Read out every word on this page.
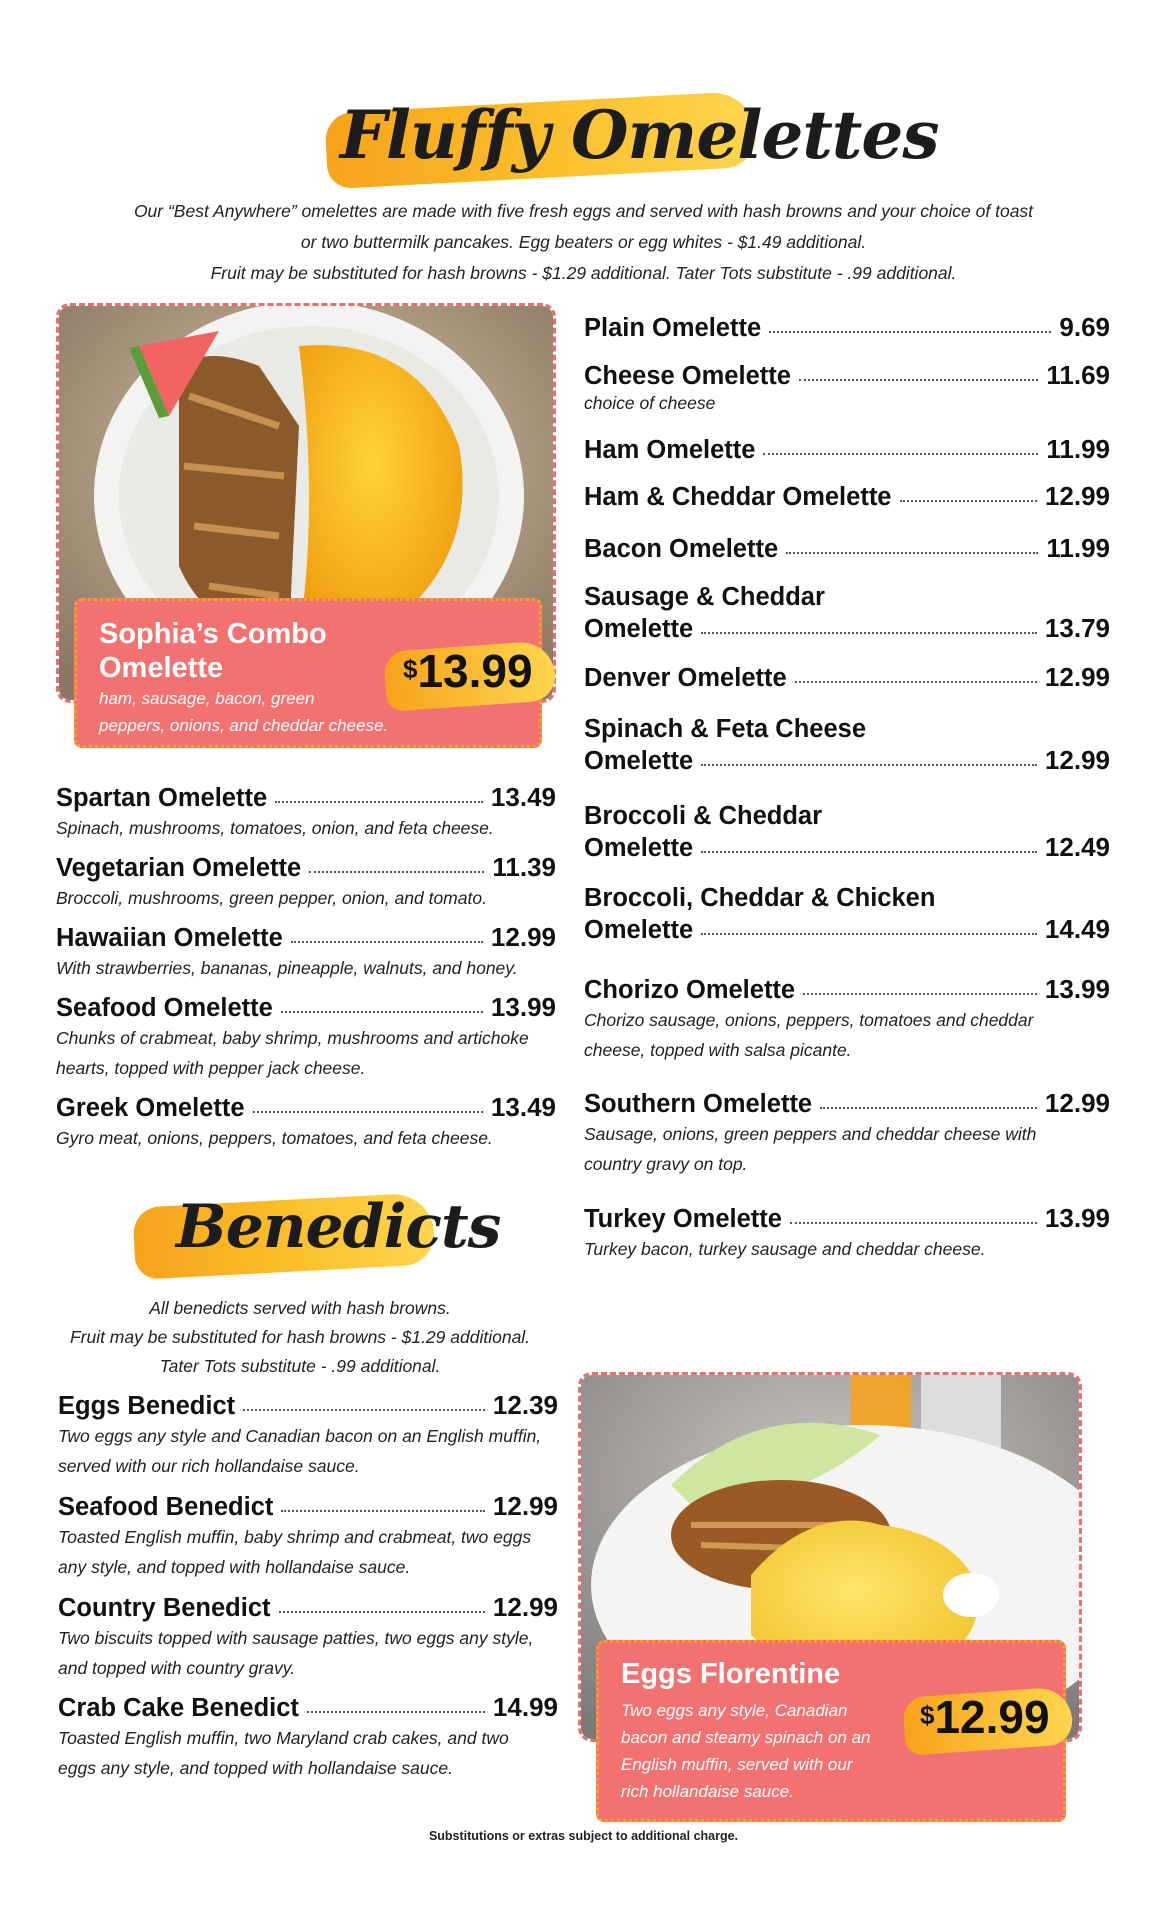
Fluffy Omelettes
Our “Best Anywhere” omelettes are made with five fresh eggs and served with hash browns and your choice of toast
or two buttermilk pancakes. Egg beaters or egg whites - $1.49 additional.
Fruit may be substituted for hash browns - $1.29 additional. Tater Tots substitute - .99 additional.
Sophia’s Combo
Omelette
ham, sausage, bacon, green
peppers, onions, and cheddar cheese.
$13.99
Spartan Omelette	13.49
Spinach, mushrooms, tomatoes, onion, and feta cheese.
Vegetarian Omelette	11.39
Broccoli, mushrooms, green pepper, onion, and tomato.
Hawaiian Omelette	12.99
With strawberries, bananas, pineapple, walnuts, and honey.
Seafood Omelette	13.99
Chunks of crabmeat, baby shrimp, mushrooms and artichoke
hearts, topped with pepper jack cheese.
Greek Omelette	13.49
Gyro meat, onions, peppers, tomatoes, and feta cheese.
Plain Omelette	9.69
Cheese Omelette	11.69
choice of cheese
Ham Omelette	11.99
Ham & Cheddar Omelette	12.99
Bacon Omelette	11.99
Sausage & Cheddar
Omelette	13.79
Denver Omelette	12.99
Spinach & Feta Cheese
Omelette	12.99
Broccoli & Cheddar
Omelette	12.49
Broccoli, Cheddar & Chicken
Omelette	14.49
Chorizo Omelette	13.99
Chorizo sausage, onions, peppers, tomatoes and cheddar
cheese, topped with salsa picante.
Southern Omelette	12.99
Sausage, onions, green peppers and cheddar cheese with
country gravy on top.
Turkey Omelette	13.99
Turkey bacon, turkey sausage and cheddar cheese.
Benedicts
All benedicts served with hash browns.
Fruit may be substituted for hash browns - $1.29 additional.
Tater Tots substitute - .99 additional.
Eggs Benedict	12.39
Two eggs any style and Canadian bacon on an English muffin,
served with our rich hollandaise sauce.
Seafood Benedict	12.99
Toasted English muffin, baby shrimp and crabmeat, two eggs
any style, and topped with hollandaise sauce.
Country Benedict	12.99
Two biscuits topped with sausage patties, two eggs any style,
and topped with country gravy.
Crab Cake Benedict	14.99
Toasted English muffin, two Maryland crab cakes, and two
eggs any style, and topped with hollandaise sauce.
Eggs Florentine
Two eggs any style, Canadian
bacon and steamy spinach on an
English muffin, served with our
rich hollandaise sauce.
$12.99
Substitutions or extras subject to additional charge.
